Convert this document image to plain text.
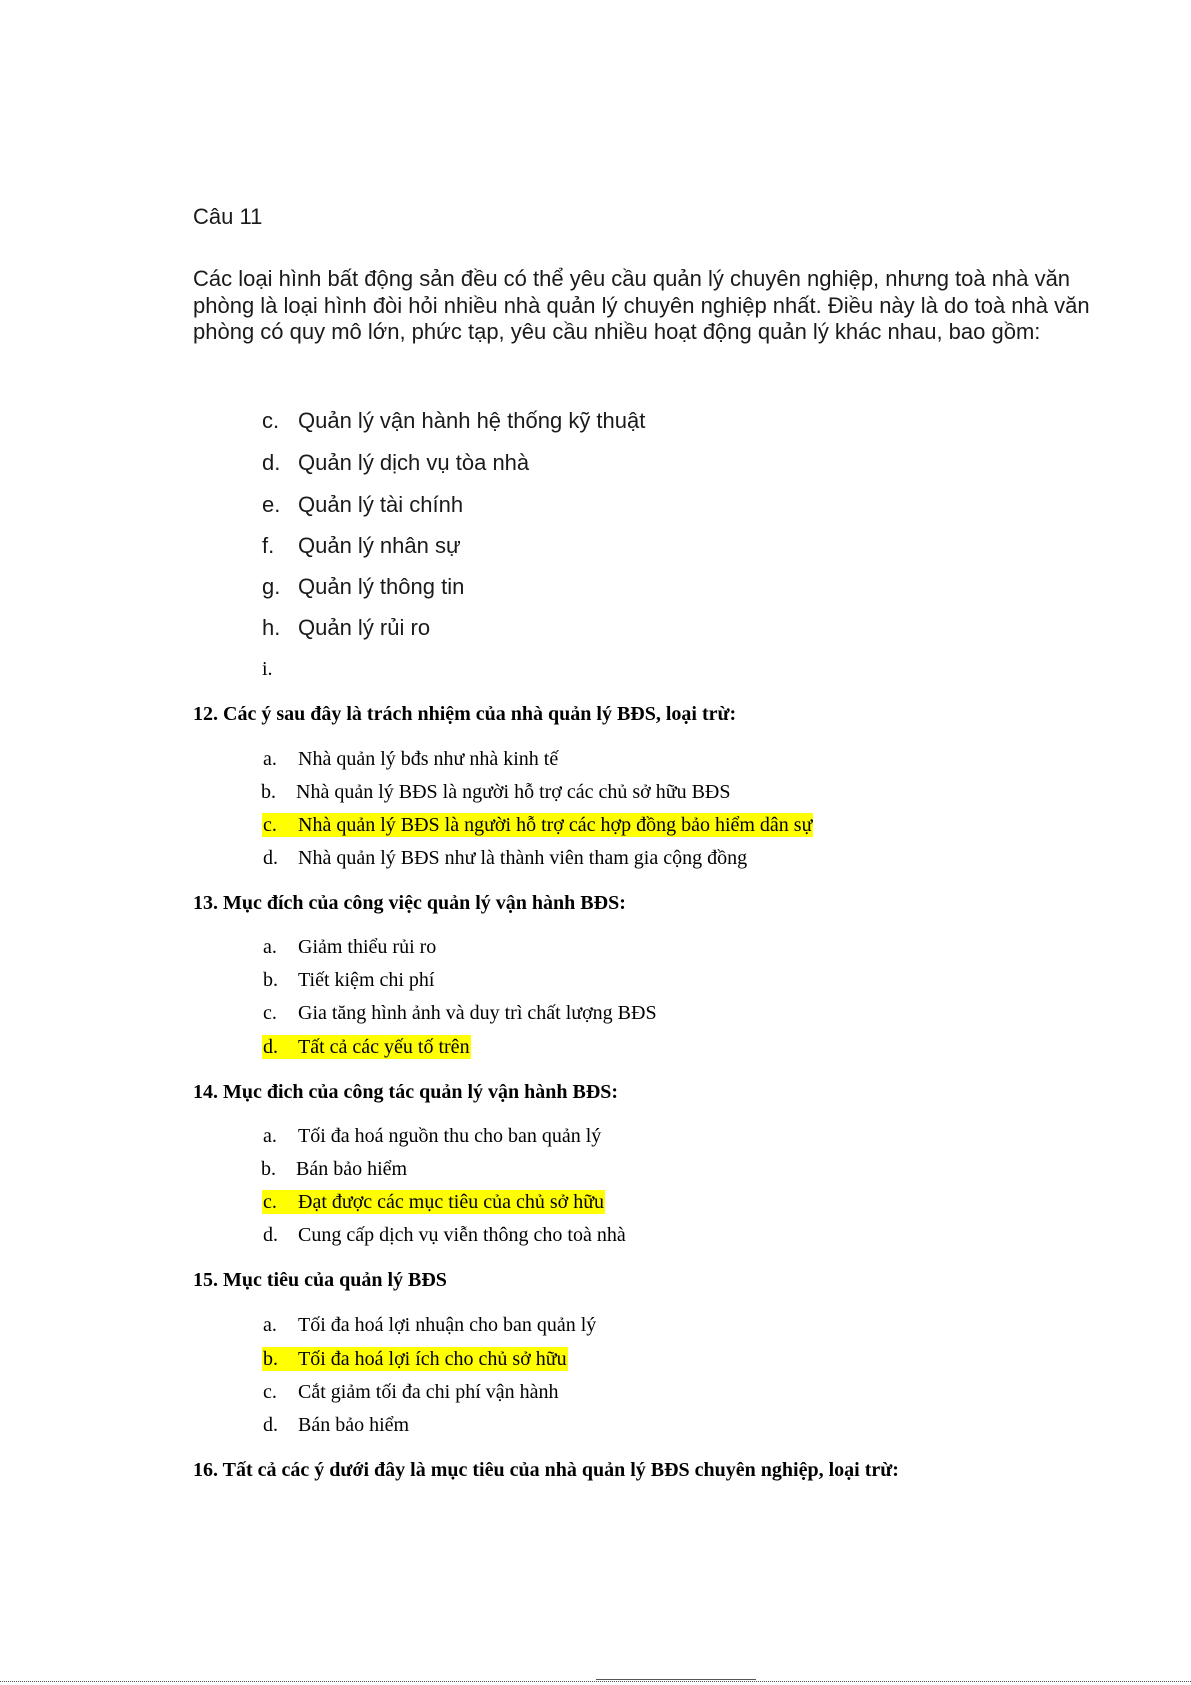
Câu 11
Các loại hình bất động sản đều có thể yêu cầu quản lý chuyên nghiệp, nhưng toà nhà văn phòng là loại hình đòi hỏi nhiều nhà quản lý chuyên nghiệp nhất. Điều này là do toà nhà văn phòng có quy mô lớn, phức tạp, yêu cầu nhiều hoạt động quản lý khác nhau, bao gồm:
c. Quản lý vận hành hệ thống kỹ thuật
d. Quản lý dịch vụ tòa nhà
e. Quản lý tài chính
f. Quản lý nhân sự
g. Quản lý thông tin
h. Quản lý rủi ro
i.
12. Các ý sau đây là trách nhiệm của nhà quản lý BĐS, loại trừ:
a. Nhà quản lý bđs như nhà kinh tế
b. Nhà quản lý BĐS là người hỗ trợ các chủ sở hữu BĐS
c. Nhà quản lý BĐS là người hỗ trợ các hợp đồng bảo hiểm dân sự
d. Nhà quản lý BĐS như là thành viên tham gia cộng đồng
13. Mục đích của công việc quản lý vận hành BĐS:
a. Giảm thiểu rủi ro
b. Tiết kiệm chi phí
c. Gia tăng hình ảnh và duy trì chất lượng BĐS
d. Tất cả các yếu tố trên
14. Mục đich của công tác quản lý vận hành BĐS:
a. Tối đa hoá nguồn thu cho ban quản lý
b. Bán bảo hiểm
c. Đạt được các mục tiêu của chủ sở hữu
d. Cung cấp dịch vụ viễn thông cho toà nhà
15. Mục tiêu của quản lý BĐS
a. Tối đa hoá lợi nhuận cho ban quản lý
b. Tối đa hoá lợi ích cho chủ sở hữu
c. Cắt giảm tối đa chi phí vận hành
d. Bán bảo hiểm
16. Tất cả các ý dưới đây là mục tiêu của nhà quản lý BĐS chuyên nghiệp, loại trừ:
